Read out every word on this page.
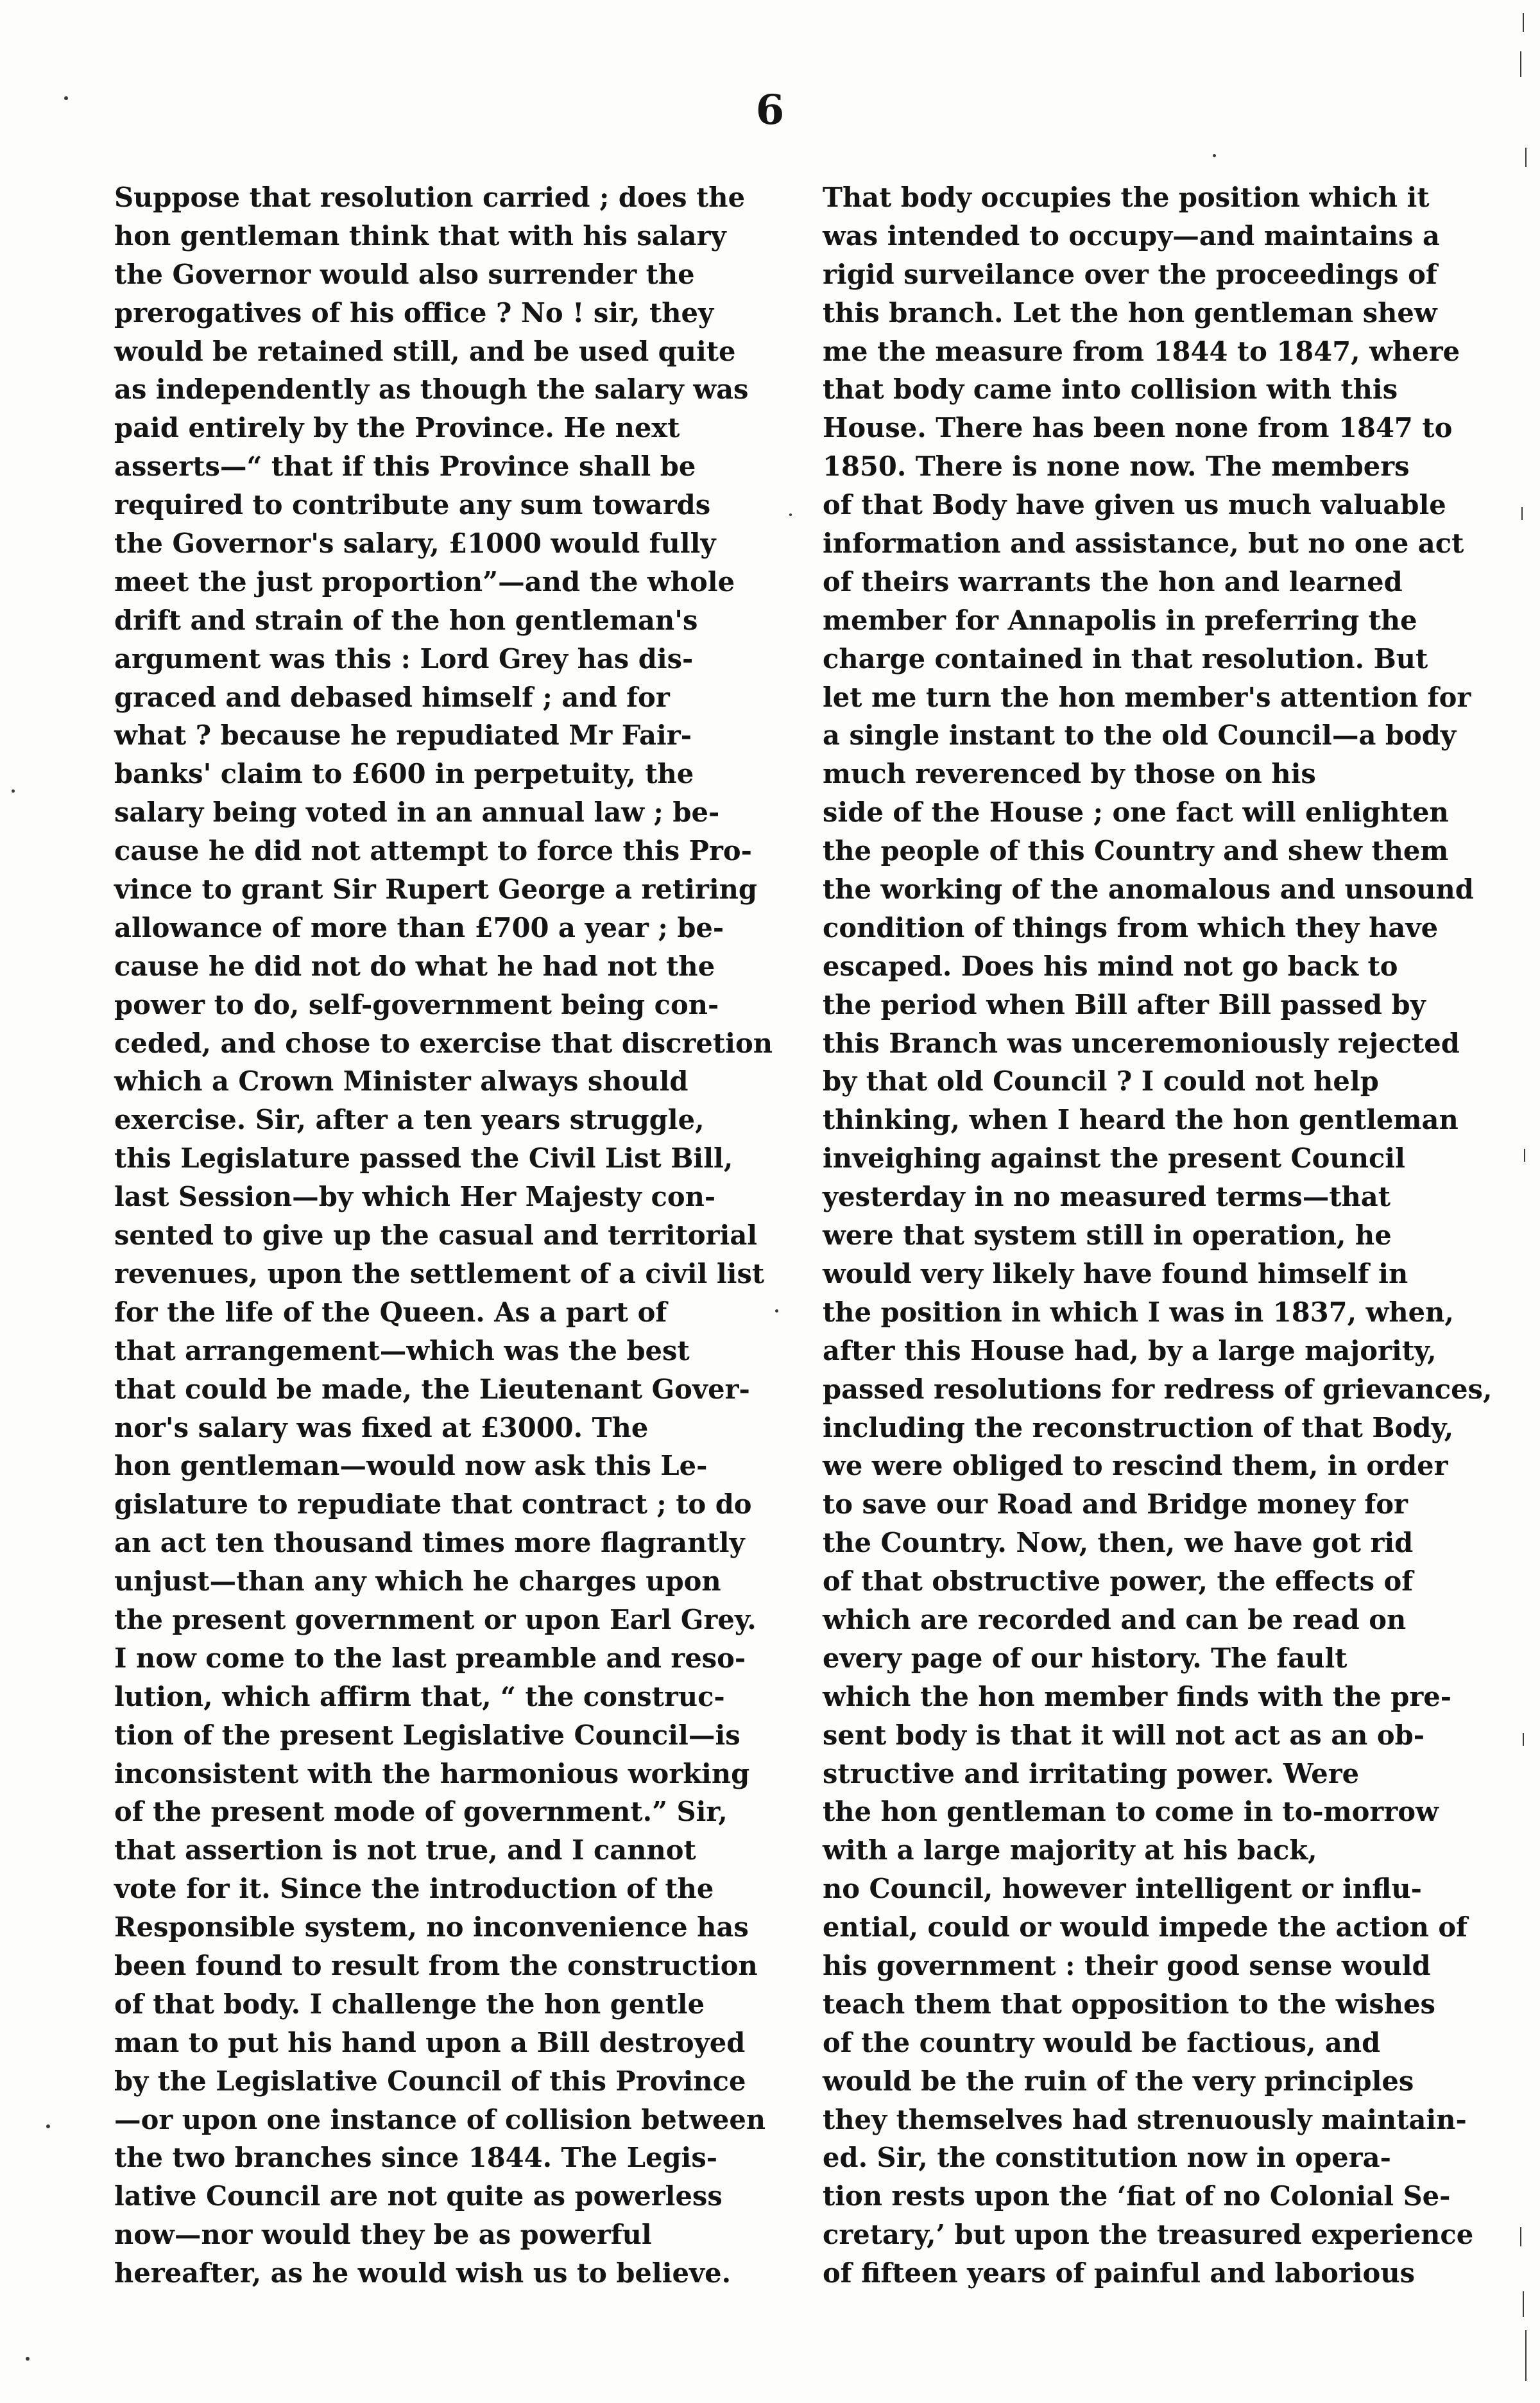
6
Suppose that resolution carried ; does the
hon gentleman think that with his salary
the Governor would also surrender the
prerogatives of his office ? No ! sir, they
would be retained still, and be used quite
as independently as though the salary was
paid entirely by the Province. He next
asserts—“ that if this Province shall be
required to contribute any sum towards
the Governor's salary, £1000 would fully
meet the just proportion”—and the whole
drift and strain of the hon gentleman's
argument was this : Lord Grey has dis-
graced and debased himself ; and for
what ? because he repudiated Mr Fair-
banks' claim to £600 in perpetuity, the
salary being voted in an annual law ; be-
cause he did not attempt to force this Pro-
vince to grant Sir Rupert George a retiring
allowance of more than £700 a year ; be-
cause he did not do what he had not the
power to do, self-government being con-
ceded, and chose to exercise that discretion
which a Crown Minister always should
exercise. Sir, after a ten years struggle,
this Legislature passed the Civil List Bill,
last Session—by which Her Majesty con-
sented to give up the casual and territorial
revenues, upon the settlement of a civil list
for the life of the Queen. As a part of
that arrangement—which was the best
that could be made, the Lieutenant Gover-
nor's salary was fixed at £3000. The
hon gentleman—would now ask this Le-
gislature to repudiate that contract ; to do
an act ten thousand times more flagrantly
unjust—than any which he charges upon
the present government or upon Earl Grey.
I now come to the last preamble and reso-
lution, which affirm that, “ the construc-
tion of the present Legislative Council—is
inconsistent with the harmonious working
of the present mode of government.” Sir,
that assertion is not true, and I cannot
vote for it. Since the introduction of the
Responsible system, no inconvenience has
been found to result from the construction
of that body. I challenge the hon gentle
man to put his hand upon a Bill destroyed
by the Legislative Council of this Province
—or upon one instance of collision between
the two branches since 1844. The Legis-
lative Council are not quite as powerless
now—nor would they be as powerful
hereafter, as he would wish us to believe.
That body occupies the position which it
was intended to occupy—and maintains a
rigid surveilance over the proceedings of
this branch. Let the hon gentleman shew
me the measure from 1844 to 1847, where
that body came into collision with this
House. There has been none from 1847 to
1850. There is none now. The members
of that Body have given us much valuable
information and assistance, but no one act
of theirs warrants the hon and learned
member for Annapolis in preferring the
charge contained in that resolution. But
let me turn the hon member's attention for
a single instant to the old Council—a body
much reverenced by those on his
side of the House ; one fact will enlighten
the people of this Country and shew them
the working of the anomalous and unsound
condition of things from which they have
escaped. Does his mind not go back to
the period when Bill after Bill passed by
this Branch was unceremoniously rejected
by that old Council ? I could not help
thinking, when I heard the hon gentleman
inveighing against the present Council
yesterday in no measured terms—that
were that system still in operation, he
would very likely have found himself in
the position in which I was in 1837, when,
after this House had, by a large majority,
passed resolutions for redress of grievances,
including the reconstruction of that Body,
we were obliged to rescind them, in order
to save our Road and Bridge money for
the Country. Now, then, we have got rid
of that obstructive power, the effects of
which are recorded and can be read on
every page of our history. The fault
which the hon member finds with the pre-
sent body is that it will not act as an ob-
structive and irritating power. Were
the hon gentleman to come in to-morrow
with a large majority at his back,
no Council, however intelligent or influ-
ential, could or would impede the action of
his government : their good sense would
teach them that opposition to the wishes
of the country would be factious, and
would be the ruin of the very principles
they themselves had strenuously maintain-
ed. Sir, the constitution now in opera-
tion rests upon the ‘fiat of no Colonial Se-
cretary,’ but upon the treasured experience
of fifteen years of painful and laborious
